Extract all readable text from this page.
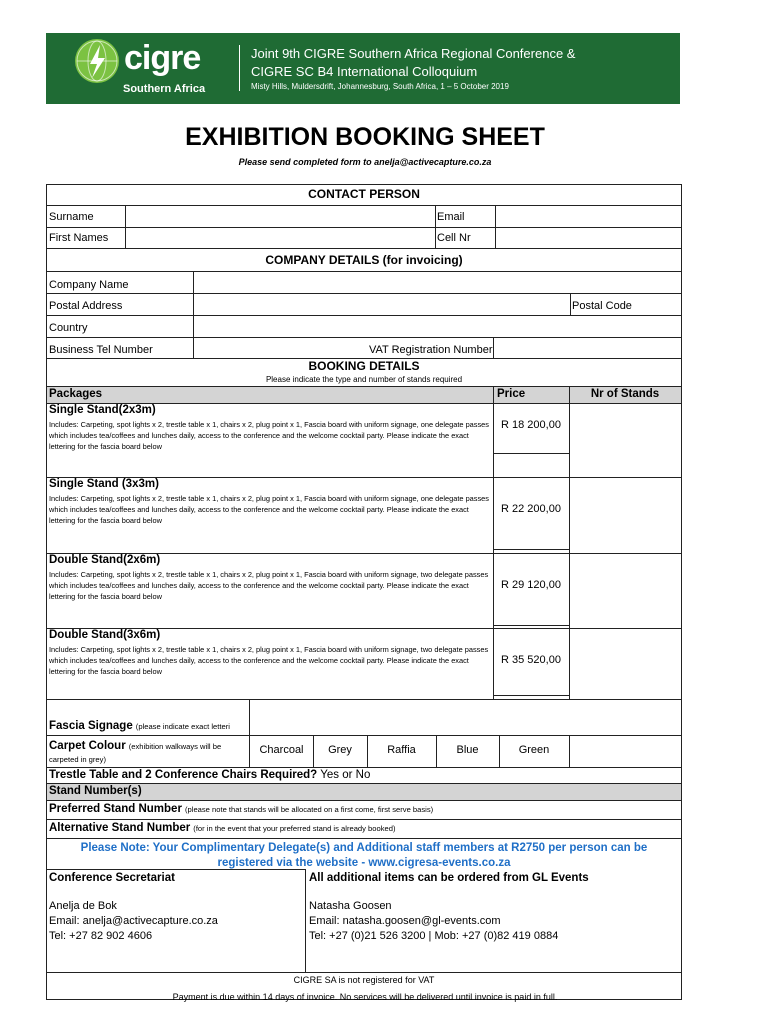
cigre
Southern Africa
Joint 9th CIGRE Southern Africa Regional Conference &
CIGRE SC B4 International Colloquium
Misty Hills, Muldersdrift, Johannesburg, South Africa, 1 – 5 October 2019
EXHIBITION BOOKING SHEET
Please send completed form to anelja@activecapture.co.za
CONTACT PERSON
Surname	Email
First Names	Cell Nr
COMPANY DETAILS (for invoicing)
Company Name
Postal Address	Postal Code
Country
Business Tel Number	VAT Registration Number
BOOKING DETAILS
Please indicate the type and number of stands required
Packages	Price	Nr of Stands
Single Stand(2x3m)
Includes: Carpeting, spot lights x 2, trestle table x 1, chairs x 2, plug point x 1, Fascia board with uniform signage, one delegate passes which includes tea/coffees and lunches daily, access to the conference and the welcome cocktail party. Please indicate the exact lettering for the fascia board below
R 18 200,00
Single Stand (3x3m)
Includes: Carpeting, spot lights x 2, trestle table x 1, chairs x 2, plug point x 1, Fascia board with uniform signage, one delegate passes which includes tea/coffees and lunches daily, access to the conference and the welcome cocktail party. Please indicate the exact lettering for the fascia board below
R 22 200,00
Double Stand(2x6m)
Includes: Carpeting, spot lights x 2, trestle table x 1, chairs x 2, plug point x 1, Fascia board with uniform signage, two delegate passes which includes tea/coffees and lunches daily, access to the conference and the welcome cocktail party. Please indicate the exact lettering for the fascia board below
R 29 120,00
Double Stand(3x6m)
Includes: Carpeting, spot lights x 2, trestle table x 1, chairs x 2, plug point x 1, Fascia board with uniform signage, two delegate passes which includes tea/coffees and lunches daily, access to the conference and the welcome cocktail party. Please indicate the exact lettering for the fascia board below
R 35 520,00
Fascia Signage (please indicate exact letteri
Carpet Colour (exhibition walkways will be
carpeted in grey)
Charcoal	Grey	Raffia	Blue	Green
Trestle Table and 2 Conference Chairs Required? Yes or No
Stand Number(s)
Preferred Stand Number (please note that stands will be allocated on a first come, first serve basis)
Alternative Stand Number (for in the event that your preferred stand is already booked)
Please Note: Your Complimentary Delegate(s) and Additional staff members at R2750 per person can be
registered via the website - www.cigresa-events.co.za
Conference Secretariat	All additional items can be ordered from GL Events
Anelja de Bok
Email: anelja@activecapture.co.za
Tel: +27 82 902 4606
Natasha Goosen
Email: natasha.goosen@gl-events.com
Tel: +27 (0)21 526 3200 | Mob: +27 (0)82 419 0884
CIGRE SA is not registered for VAT
Payment is due within 14 days of invoice. No services will be delivered until invoice is paid in full.
